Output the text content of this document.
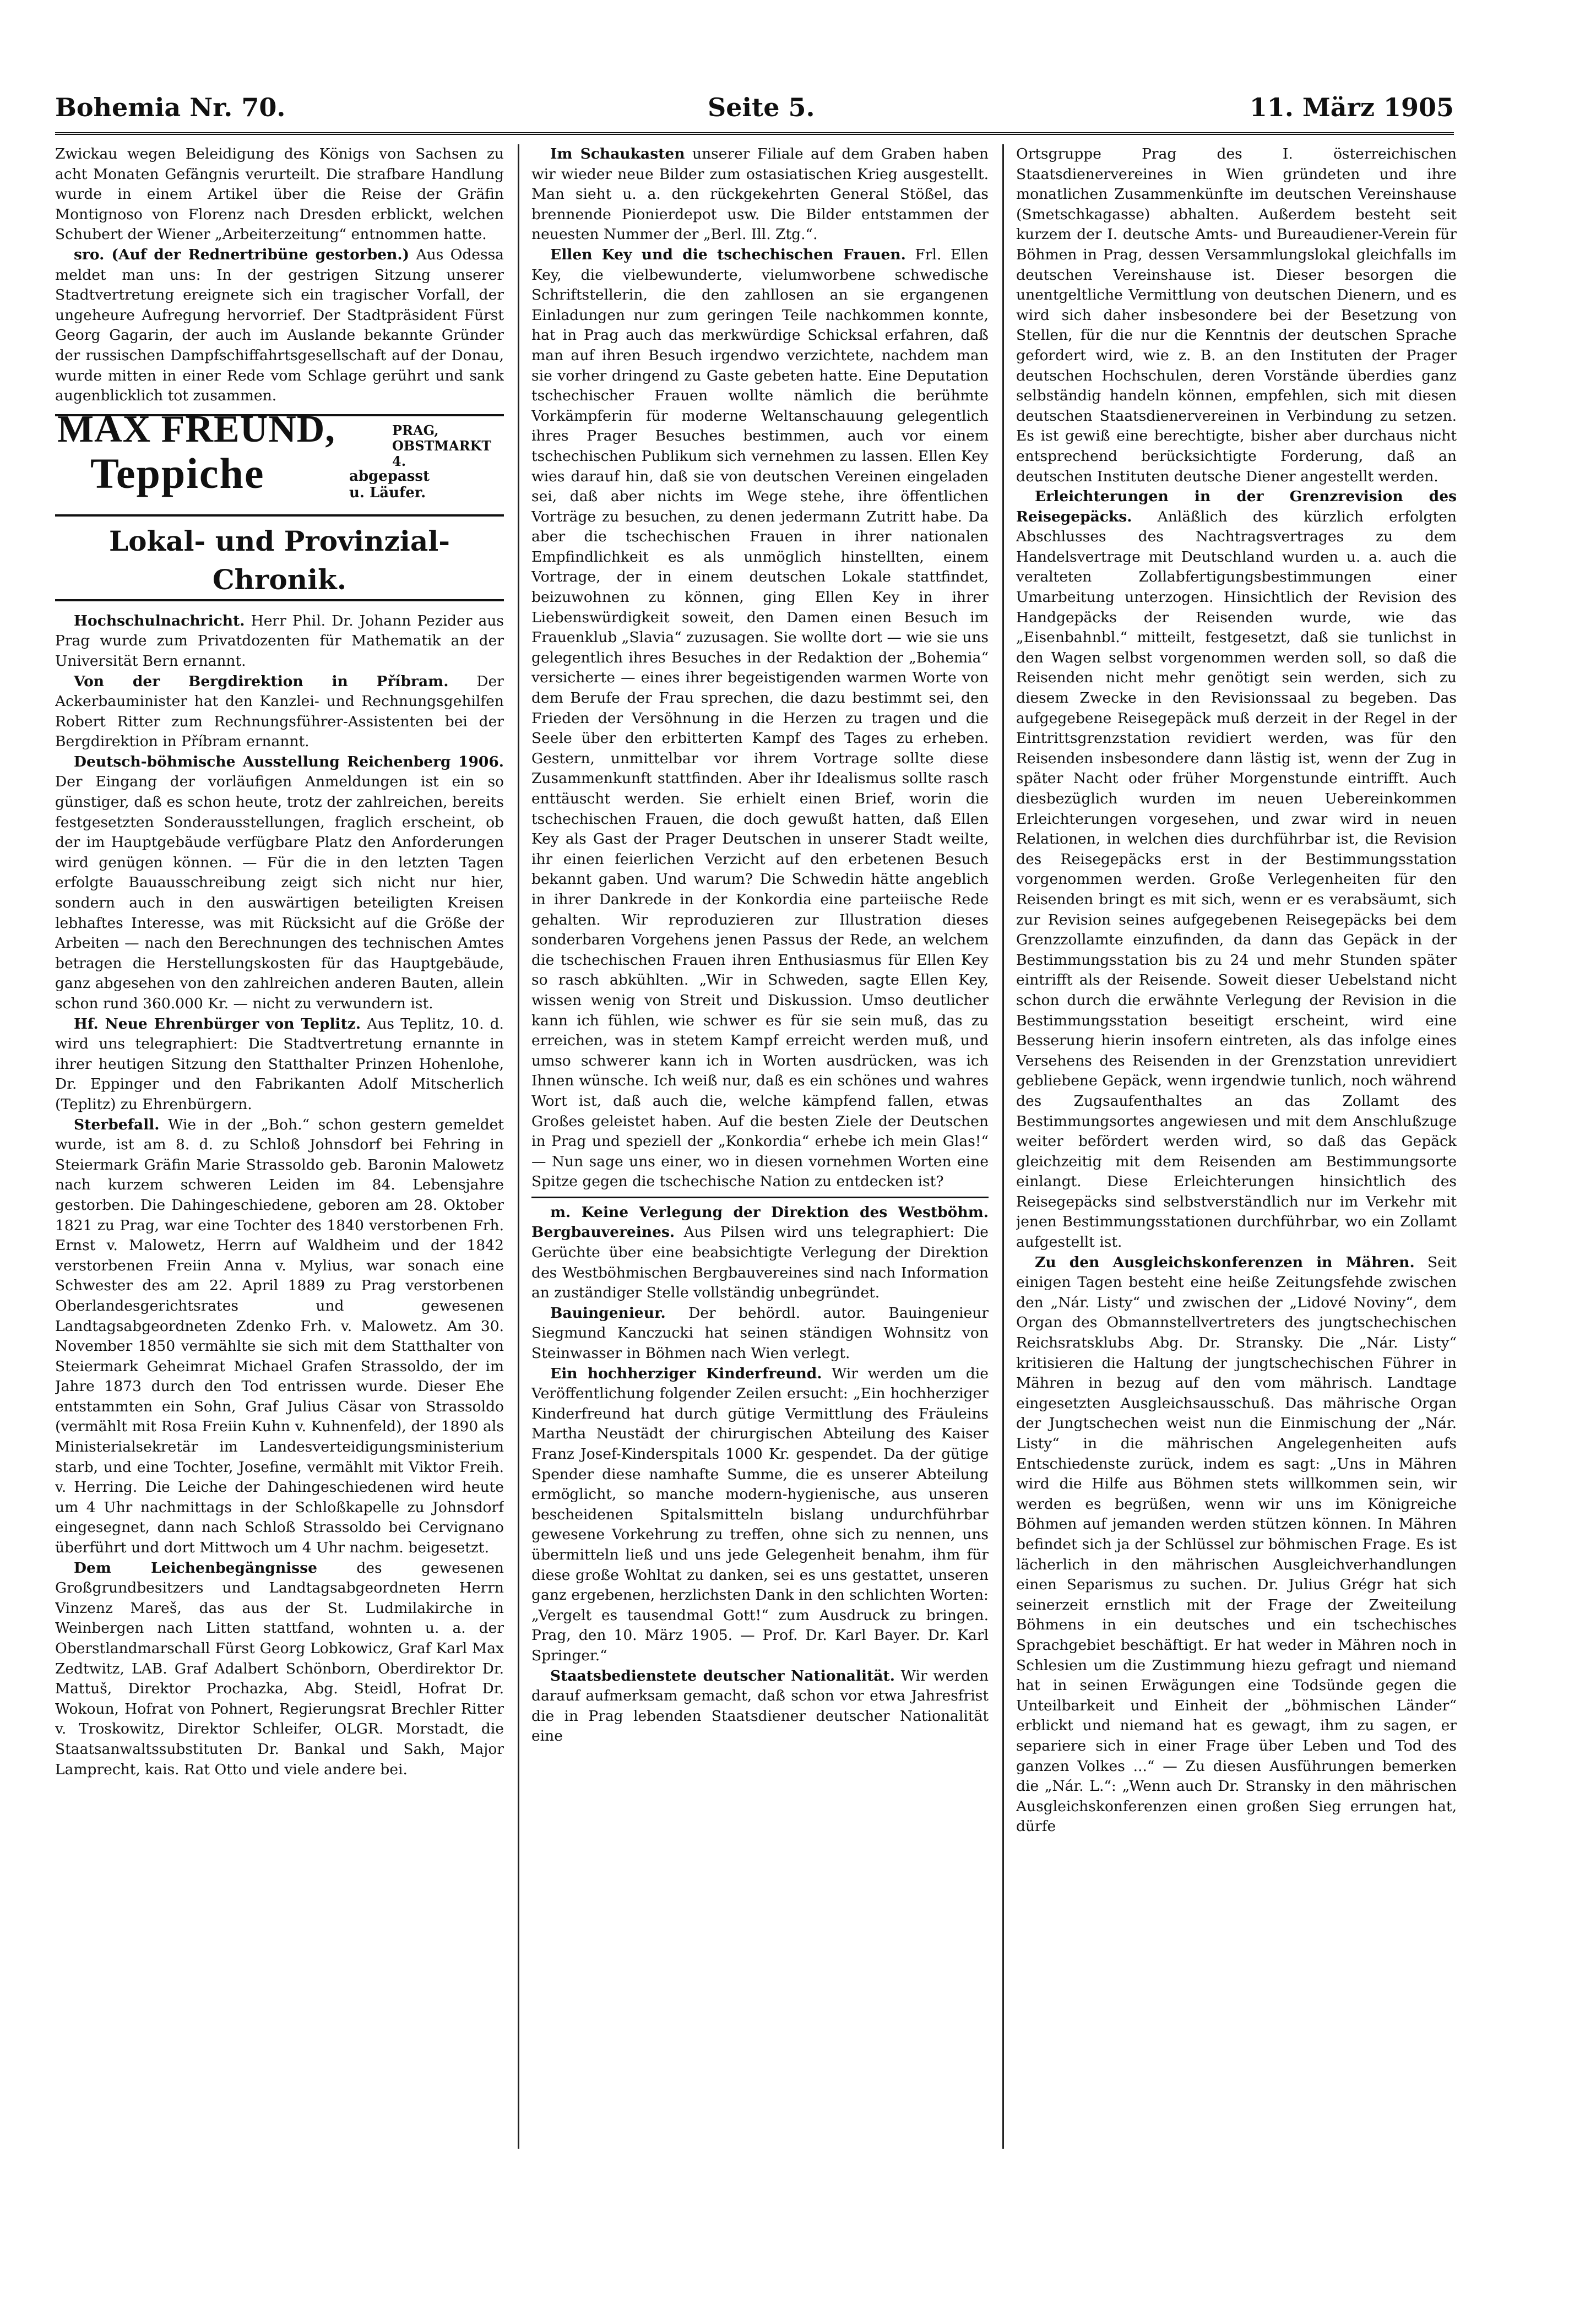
Bohemia Nr. 70.	Seite 5.	11. März 1905

Zwickau wegen Beleidigung des Königs von Sachsen zu acht Monaten Gefängnis verurteilt. Die strafbare Handlung wurde in einem Artikel über die Reise der Gräfin Montignoso von Florenz nach Dresden erblickt, welchen Schubert der Wiener „Arbeiterzeitung“ entnommen hatte.

sro. (Auf der Rednertribüne gestorben.) Aus Odessa meldet man uns: In der gestrigen Sitzung unserer Stadtvertretung ereignete sich ein tragischer Vorfall, der ungeheure Aufregung hervorrief. Der Stadtpräsident Fürst Georg Gagarin, der auch im Auslande bekannte Gründer der russischen Dampfschiffahrtsgesellschaft auf der Donau, wurde mitten in einer Rede vom Schlage gerührt und sank augenblicklich tot zusammen.

MAX FREUND,	PRAG,
OBSTMARKT 4.
Teppiche	abgepasst
u. Läufer.
Lokal- und Provinzial-Chronik.

Hochschulnachricht. Herr Phil. Dr. Johann Pezider aus Prag wurde zum Privatdozenten für Mathematik an der Universität Bern ernannt.

Von der Bergdirektion in Příbram. Der Ackerbauminister hat den Kanzlei- und Rechnungsgehilfen Robert Ritter zum Rechnungsführer-Assistenten bei der Bergdirektion in Příbram ernannt.

Deutsch-böhmische Ausstellung Reichenberg 1906. Der Eingang der vorläufigen Anmeldungen ist ein so günstiger, daß es schon heute, trotz der zahlreichen, bereits festgesetzten Sonderausstellungen, fraglich erscheint, ob der im Hauptgebäude verfügbare Platz den Anforderungen wird genügen können. — Für die in den letzten Tagen erfolgte Bauausschreibung zeigt sich nicht nur hier, sondern auch in den auswärtigen beteiligten Kreisen lebhaftes Interesse, was mit Rücksicht auf die Größe der Arbeiten — nach den Berechnungen des technischen Amtes betragen die Herstellungskosten für das Hauptgebäude, ganz abgesehen von den zahlreichen anderen Bauten, allein schon rund 360.000 Kr. — nicht zu verwundern ist.

Hf. Neue Ehrenbürger von Teplitz. Aus Teplitz, 10. d. wird uns telegraphiert: Die Stadtvertretung ernannte in ihrer heutigen Sitzung den Statthalter Prinzen Hohenlohe, Dr. Eppinger und den Fabrikanten Adolf Mitscherlich (Teplitz) zu Ehrenbürgern.

Sterbefall. Wie in der „Boh.“ schon gestern gemeldet wurde, ist am 8. d. zu Schloß Johnsdorf bei Fehring in Steiermark Gräfin Marie Strassoldo geb. Baronin Malowetz nach kurzem schweren Leiden im 84. Lebensjahre gestorben. Die Dahingeschiedene, geboren am 28. Oktober 1821 zu Prag, war eine Tochter des 1840 verstorbenen Frh. Ernst v. Malowetz, Herrn auf Waldheim und der 1842 verstorbenen Freiin Anna v. Mylius, war sonach eine Schwester des am 22. April 1889 zu Prag verstorbenen Oberlandesgerichtsrates und gewesenen Landtagsabgeordneten Zdenko Frh. v. Malowetz. Am 30. November 1850 vermählte sie sich mit dem Statthalter von Steiermark Geheimrat Michael Grafen Strassoldo, der im Jahre 1873 durch den Tod entrissen wurde. Dieser Ehe entstammten ein Sohn, Graf Julius Cäsar von Strassoldo (vermählt mit Rosa Freiin Kuhn v. Kuhnenfeld), der 1890 als Ministerialsekretär im Landesverteidigungsministerium starb, und eine Tochter, Josefine, vermählt mit Viktor Freih. v. Herring. Die Leiche der Dahingeschiedenen wird heute um 4 Uhr nachmittags in der Schloßkapelle zu Johnsdorf eingesegnet, dann nach Schloß Strassoldo bei Cervignano überführt und dort Mittwoch um 4 Uhr nachm. beigesetzt.

Dem Leichenbegängnisse	des gewesenen Großgrundbesitzers und Landtagsabgeordneten Herrn Vinzenz Mareš, das aus der St. Ludmilakirche in Weinbergen nach Litten stattfand, wohnten u. a. der Oberstlandmarschall Fürst Georg Lobkowicz, Graf Karl Max Zedtwitz, LAB. Graf Adalbert Schönborn, Oberdirektor Dr. Mattuš, Direktor Prochazka, Abg. Steidl, Hofrat Dr. Wokoun, Hofrat von Pohnert, Regierungsrat Brechler Ritter v. Troskowitz, Direktor Schleifer, OLGR. Morstadt, die Staatsanwaltssubstituten Dr. Bankal und Sakh, Major Lamprecht, kais. Rat Otto und viele andere bei.

Im Schaukasten unserer Filiale auf dem Graben haben wir wieder neue Bilder zum ostasiatischen Krieg ausgestellt. Man sieht u. a. den rückgekehrten General Stößel, das brennende Pionierdepot usw. Die Bilder entstammen der neuesten Nummer der „Berl. Ill. Ztg.“.

Ellen Key und die tschechischen Frauen. Frl. Ellen Key, die vielbewunderte, vielumworbene schwedische Schriftstellerin, die den zahllosen an sie ergangenen Einladungen nur zum geringen Teile nachkommen konnte, hat in Prag auch das merkwürdige Schicksal erfahren, daß man auf ihren Besuch irgendwo verzichtete, nachdem man sie vorher dringend zu Gaste gebeten hatte. Eine Deputation tschechischer Frauen wollte nämlich die berühmte Vorkämpferin für moderne Weltanschauung gelegentlich ihres Prager Besuches bestimmen, auch vor einem tschechischen Publikum sich vernehmen zu lassen. Ellen Key wies darauf hin, daß sie von deutschen Vereinen eingeladen sei, daß aber nichts im Wege stehe, ihre öffentlichen Vorträge zu besuchen, zu denen jedermann Zutritt habe. Da aber die tschechischen Frauen in ihrer nationalen Empfindlichkeit es als unmöglich hinstellten, einem Vortrage, der in einem deutschen Lokale stattfindet, beizuwohnen zu können, ging Ellen Key in ihrer Liebenswürdigkeit soweit, den Damen einen Besuch im Frauenklub „Slavia“ zuzusagen. Sie wollte dort — wie sie uns gelegentlich ihres Besuches in der Redaktion der „Bohemia“ versicherte — eines ihrer begeistigenden warmen Worte von dem Berufe der Frau sprechen, die dazu bestimmt sei, den Frieden der Versöhnung in die Herzen zu tragen und die Seele über den erbitterten Kampf des Tages zu erheben. Gestern, unmittelbar vor ihrem Vortrage sollte diese Zusammenkunft stattfinden. Aber ihr Idealismus sollte rasch enttäuscht werden. Sie erhielt einen Brief, worin die tschechischen Frauen, die doch gewußt hatten, daß Ellen Key als Gast der Prager Deutschen in unserer Stadt weilte, ihr einen feierlichen Verzicht auf den erbetenen Besuch bekannt gaben. Und warum? Die Schwedin hätte angeblich in ihrer Dankrede in der Konkordia eine parteiische Rede gehalten. Wir reproduzieren zur Illustration dieses sonderbaren Vorgehens jenen Passus der Rede, an welchem die tschechischen Frauen ihren Enthusiasmus für Ellen Key so rasch abkühlten. „Wir in Schweden, sagte Ellen Key, wissen wenig von Streit und Diskussion. Umso deutlicher kann ich fühlen, wie schwer es für sie sein muß, das zu erreichen, was in stetem Kampf erreicht werden muß, und umso schwerer kann ich in Worten ausdrücken, was ich Ihnen wünsche. Ich weiß nur, daß es ein schönes und wahres Wort ist, daß auch die, welche kämpfend fallen, etwas Großes geleistet haben. Auf die besten Ziele der Deutschen in Prag und speziell der „Konkordia“ erhebe ich mein Glas!“ — Nun sage uns einer, wo in diesen vornehmen Worten eine Spitze gegen die tschechische Nation zu entdecken ist?

m. Keine Verlegung der Direktion des Westböhm. Bergbauvereines. Aus Pilsen wird uns telegraphiert: Die Gerüchte über eine beabsichtigte Verlegung der Direktion des Westböhmischen Bergbauvereines sind nach Information an zuständiger Stelle vollständig unbegründet.

Bauingenieur. Der behördl. autor. Bauingenieur Siegmund Kanczucki hat seinen ständigen Wohnsitz von Steinwasser in Böhmen nach Wien verlegt.

Ein hochherziger Kinderfreund. Wir werden um die Veröffentlichung folgender Zeilen ersucht: „Ein hochherziger Kinderfreund hat durch gütige Vermittlung des Fräuleins Martha Neustädt der chirurgischen Abteilung des Kaiser Franz Josef-Kinderspitals 1000 Kr. gespendet. Da der gütige Spender diese namhafte Summe, die es unserer Abteilung ermöglicht, so manche modern-hygienische, aus unseren bescheidenen Spitalsmitteln bislang undurchführbar gewesene Vorkehrung zu treffen, ohne sich zu nennen, uns übermitteln ließ und uns jede Gelegenheit benahm, ihm für diese große Wohltat zu danken, sei es uns gestattet, unseren ganz ergebenen, herzlichsten Dank in den schlichten Worten: „Vergelt es tausendmal Gott!“ zum Ausdruck zu bringen. Prag, den 10. März 1905. — Prof. Dr. Karl Bayer. Dr. Karl Springer.“

Staatsbedienstete deutscher Nationalität. Wir werden darauf aufmerksam gemacht, daß schon vor etwa Jahresfrist die in Prag lebenden Staatsdiener deutscher Nationalität eine

Ortsgruppe Prag des I. österreichischen Staatsdienervereines in Wien gründeten und ihre monatlichen Zusammenkünfte im deutschen Vereinshause (Smetschkagasse) abhalten. Außerdem besteht seit kurzem der I. deutsche Amts- und Bureaudiener-Verein für Böhmen in Prag, dessen Versammlungslokal gleichfalls im deutschen Vereinshause ist. Dieser besorgen die unentgeltliche Vermittlung von deutschen Dienern, und es wird sich daher insbesondere bei der Besetzung von Stellen, für die nur die Kenntnis der deutschen Sprache gefordert wird, wie z. B. an den Instituten der Prager deutschen Hochschulen, deren Vorstände überdies ganz selbständig handeln können, empfehlen, sich mit diesen deutschen Staatsdienervereinen in Verbindung zu setzen. Es ist gewiß eine berechtigte, bisher aber durchaus nicht entsprechend berücksichtigte Forderung, daß an deutschen Instituten deutsche Diener angestellt werden.

Erleichterungen in der Grenzrevision des Reisegepäcks. Anläßlich des kürzlich erfolgten Abschlusses des Nachtragsvertrages zu dem Handelsvertrage mit Deutschland wurden u. a. auch die veralteten Zollabfertigungsbestimmungen einer Umarbeitung unterzogen. Hinsichtlich der Revision des Handgepäcks der Reisenden wurde, wie das „Eisenbahnbl.“ mitteilt, festgesetzt, daß sie tunlichst in den Wagen selbst vorgenommen werden soll, so daß die Reisenden nicht mehr genötigt sein werden, sich zu diesem Zwecke in den Revisionssaal zu begeben. Das aufgegebene Reisegepäck muß derzeit in der Regel in der Eintrittsgrenzstation revidiert werden, was für den Reisenden insbesondere dann lästig ist, wenn der Zug in später Nacht oder früher Morgenstunde eintrifft. Auch diesbezüglich wurden im neuen Uebereinkommen Erleichterungen vorgesehen, und zwar wird in neuen Relationen, in welchen dies durchführbar ist, die Revision des Reisegepäcks erst in der Bestimmungsstation vorgenommen werden. Große Verlegenheiten für den Reisenden bringt es mit sich, wenn er es verabsäumt, sich zur Revision seines aufgegebenen Reisegepäcks bei dem Grenzzollamte einzufinden, da dann das Gepäck in der Bestimmungsstation bis zu 24 und mehr Stunden später eintrifft als der Reisende. Soweit dieser Uebelstand nicht schon durch die erwähnte Verlegung der Revision in die Bestimmungsstation beseitigt erscheint, wird eine Besserung hierin insofern eintreten, als das infolge eines Versehens des Reisenden in der Grenzstation unrevidiert gebliebene Gepäck, wenn irgendwie tunlich, noch während des Zugsaufenthaltes an das Zollamt des Bestimmungsortes angewiesen und mit dem Anschlußzuge weiter befördert werden wird, so daß das Gepäck gleichzeitig mit dem Reisenden am Bestimmungsorte einlangt. Diese Erleichterungen hinsichtlich des Reisegepäcks sind selbstverständlich nur im Verkehr mit jenen Bestimmungsstationen durchführbar, wo ein Zollamt aufgestellt ist.

Zu den Ausgleichskonferenzen in Mähren. Seit einigen Tagen besteht eine heiße Zeitungsfehde zwischen den „Nár. Listy“ und zwischen der „Lidové Noviny“, dem Organ des Obmannstellvertreters des jungtschechischen Reichsratsklubs Abg. Dr. Stransky. Die „Nár. Listy“ kritisieren die Haltung der jungtschechischen Führer in Mähren in bezug auf den vom mährisch. Landtage eingesetzten Ausgleichsausschuß. Das mährische Organ der Jungtschechen weist nun die Einmischung der „Nár. Listy“ in die mährischen Angelegenheiten aufs Entschiedenste zurück, indem es sagt: „Uns in Mähren wird die Hilfe aus Böhmen stets willkommen sein, wir werden es begrüßen, wenn wir uns im Königreiche Böhmen auf jemanden werden stützen können. In Mähren befindet sich ja der Schlüssel zur böhmischen Frage. Es ist lächerlich in den mährischen Ausgleichverhandlungen einen Separismus zu suchen. Dr. Julius Grégr hat sich seinerzeit ernstlich mit der Frage der Zweiteilung Böhmens in ein deutsches und ein tschechisches Sprachgebiet beschäftigt. Er hat weder in Mähren noch in Schlesien um die Zustimmung hiezu gefragt und niemand hat in seinen Erwägungen eine Todsünde gegen die Unteilbarkeit und Einheit der „böhmischen Länder“ erblickt und niemand hat es gewagt, ihm zu sagen, er separiere sich in einer Frage über Leben und Tod des ganzen Volkes ...“ — Zu diesen Ausführungen bemerken die „Nár. L.“: „Wenn auch Dr. Stransky in den mährischen Ausgleichskonferenzen einen großen Sieg errungen hat, dürfe
